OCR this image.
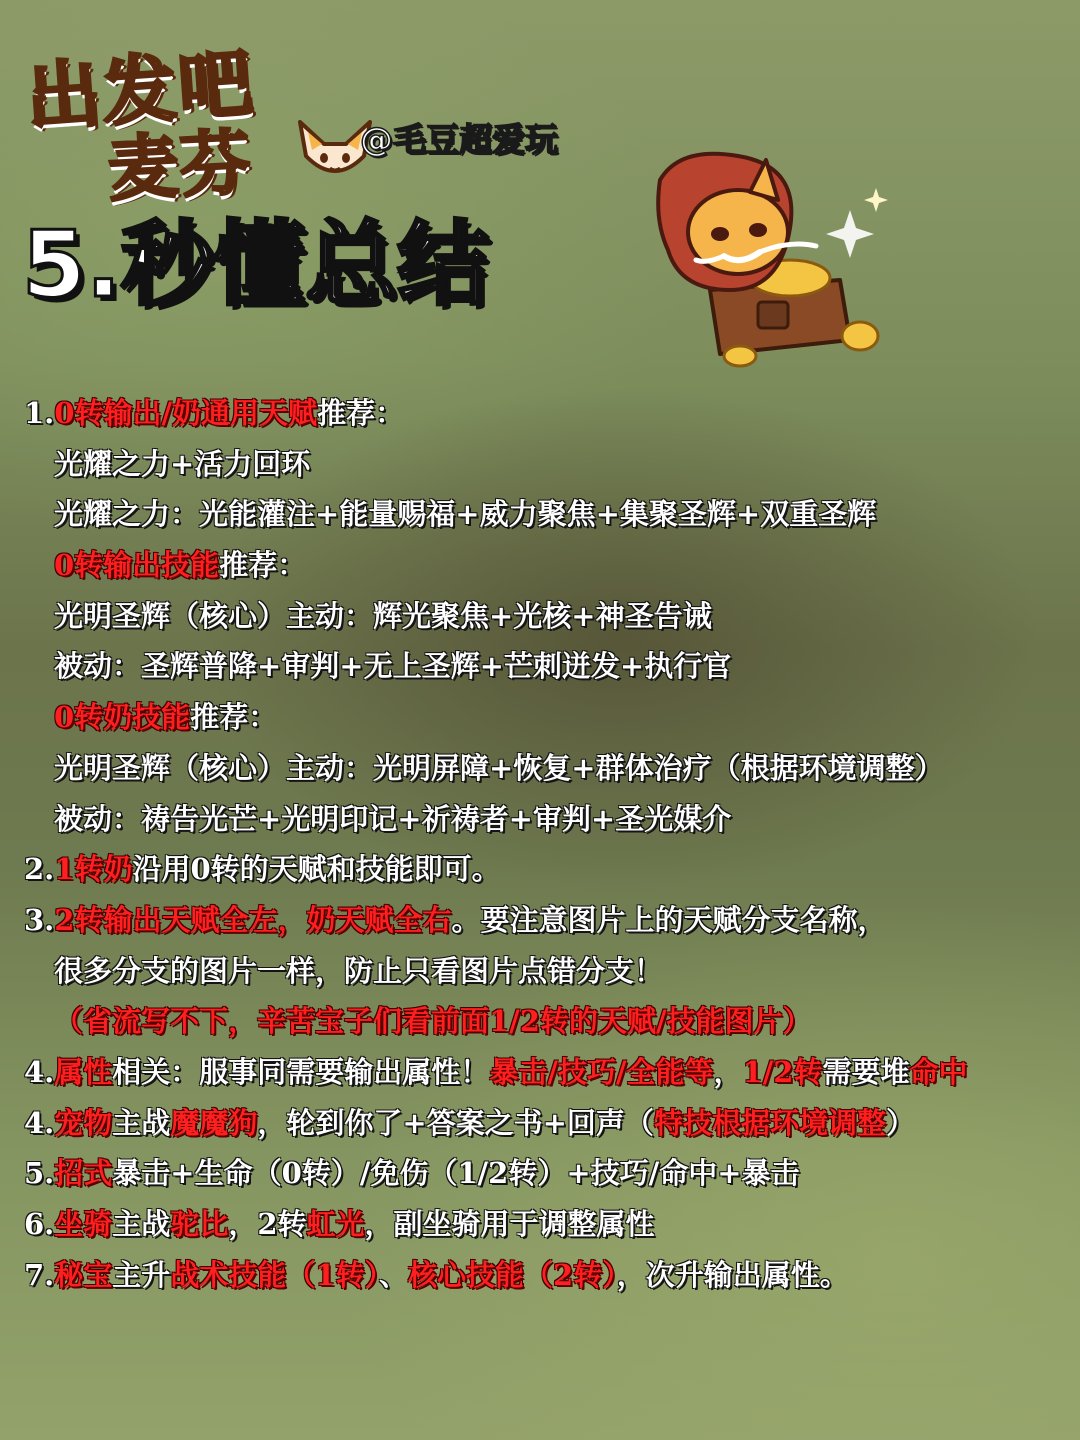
出发吧
麦芬	@毛豆超爱玩
5.秒懂总结
1.0转输出/奶通用天赋推荐：
光耀之力+活力回环
光耀之力：光能灌注+能量赐福+威力聚焦+集聚圣辉+双重圣辉
0转输出技能推荐：
光明圣辉（核心）主动：辉光聚焦+光核+神圣告诫
被动：圣辉普降+审判+无上圣辉+芒刺迸发+执行官
0转奶技能推荐：
光明圣辉（核心）主动：光明屏障+恢复+群体治疗（根据环境调整）
被动：祷告光芒+光明印记+祈祷者+审判+圣光媒介
2.1转奶沿用0转的天赋和技能即可。
3.2转输出天赋全左，奶天赋全右。要注意图片上的天赋分支名称，
很多分支的图片一样，防止只看图片点错分支！
（省流写不下，辛苦宝子们看前面1/2转的天赋/技能图片）
4.属性相关：服事同需要输出属性！暴击/技巧/全能等，1/2转需要堆命中
4.宠物主战魔魔狗，轮到你了+答案之书+回声（特技根据环境调整）
5.招式暴击+生命（0转）/免伤（1/2转）+技巧/命中+暴击
6.坐骑主战驼比，2转虹光，副坐骑用于调整属性
7.秘宝主升战术技能（1转）、核心技能（2转），次升输出属性。
